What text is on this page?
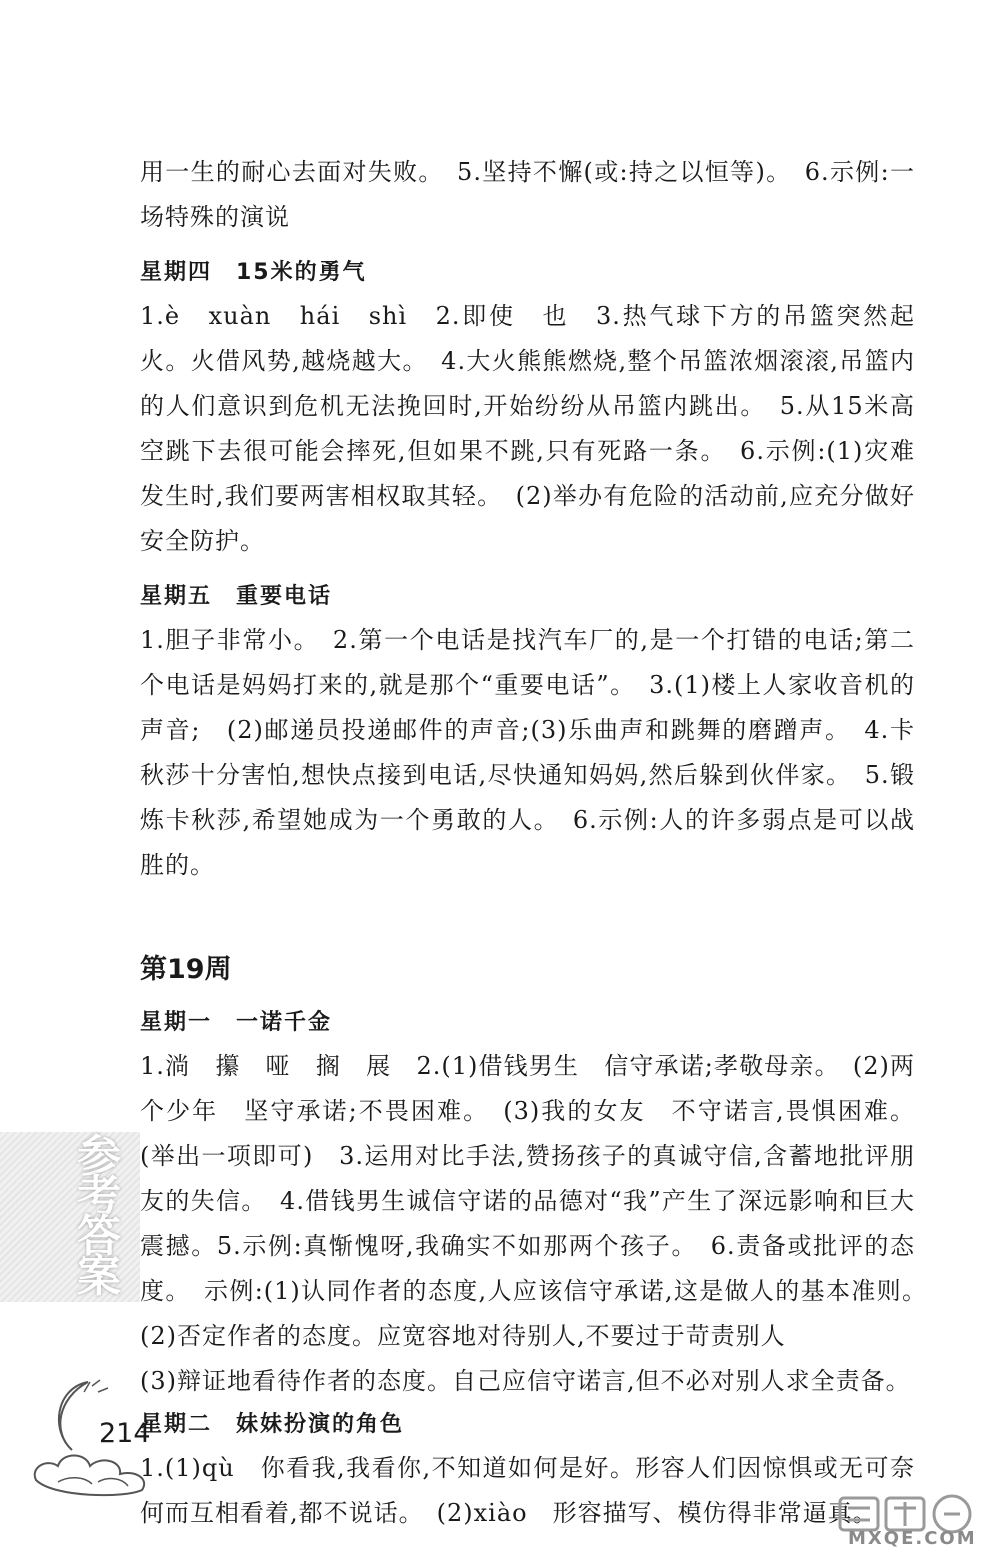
用一生的耐心去面对失败。　5.坚持不懈(或:持之以恒等)。　6.示例:一场特殊的演说

星期四　15米的勇气

1.è　xuàn　hái　shì　2.即使　也　3.热气球下方的吊篮突然起火。火借风势,越烧越大。　4.大火熊熊燃烧,整个吊篮浓烟滚滚,吊篮内的人们意识到危机无法挽回时,开始纷纷从吊篮内跳出。　5.从15米高空跳下去很可能会摔死,但如果不跳,只有死路一条。　6.示例:(1)灾难发生时,我们要两害相权取其轻。　(2)举办有危险的活动前,应充分做好安全防护。

星期五　重要电话

1.胆子非常小。　2.第一个电话是找汽车厂的,是一个打错的电话;第二个电话是妈妈打来的,就是那个“重要电话”。　3.(1)楼上人家收音机的声音;　(2)邮递员投递邮件的声音;(3)乐曲声和跳舞的磨蹭声。　4.卡秋莎十分害怕,想快点接到电话,尽快通知妈妈,然后躲到伙伴家。　5.锻炼卡秋莎,希望她成为一个勇敢的人。　6.示例:人的许多弱点是可以战胜的。

第19周

星期一　一诺千金

1.淌　攥　哑　搁　展　2.(1)借钱男生　信守承诺;孝敬母亲。　(2)两个少年　坚守承诺;不畏困难。　(3)我的女友　不守诺言,畏惧困难。(举出一项即可)　3.运用对比手法,赞扬孩子的真诚守信,含蓄地批评朋友的失信。　4.借钱男生诚信守诺的品德对“我”产生了深远影响和巨大震撼。5.示例:真惭愧呀,我确实不如那两个孩子。　6.责备或批评的态度。　示例:(1)认同作者的态度,人应该信守承诺,这是做人的基本准则。　(2)否定作者的态度。应宽容地对待别人,不要过于苛责别人

(3)辩证地看待作者的态度。自己应信守诺言,但不必对别人求全责备。

星期二　妹妹扮演的角色

1.(1)qù　你看我,我看你,不知道如何是好。形容人们因惊惧或无可奈何而互相看着,都不说话。　(2)xiào　形容描写、模仿得非常逼真。

参
考
答
案
214
MXQE.COM
